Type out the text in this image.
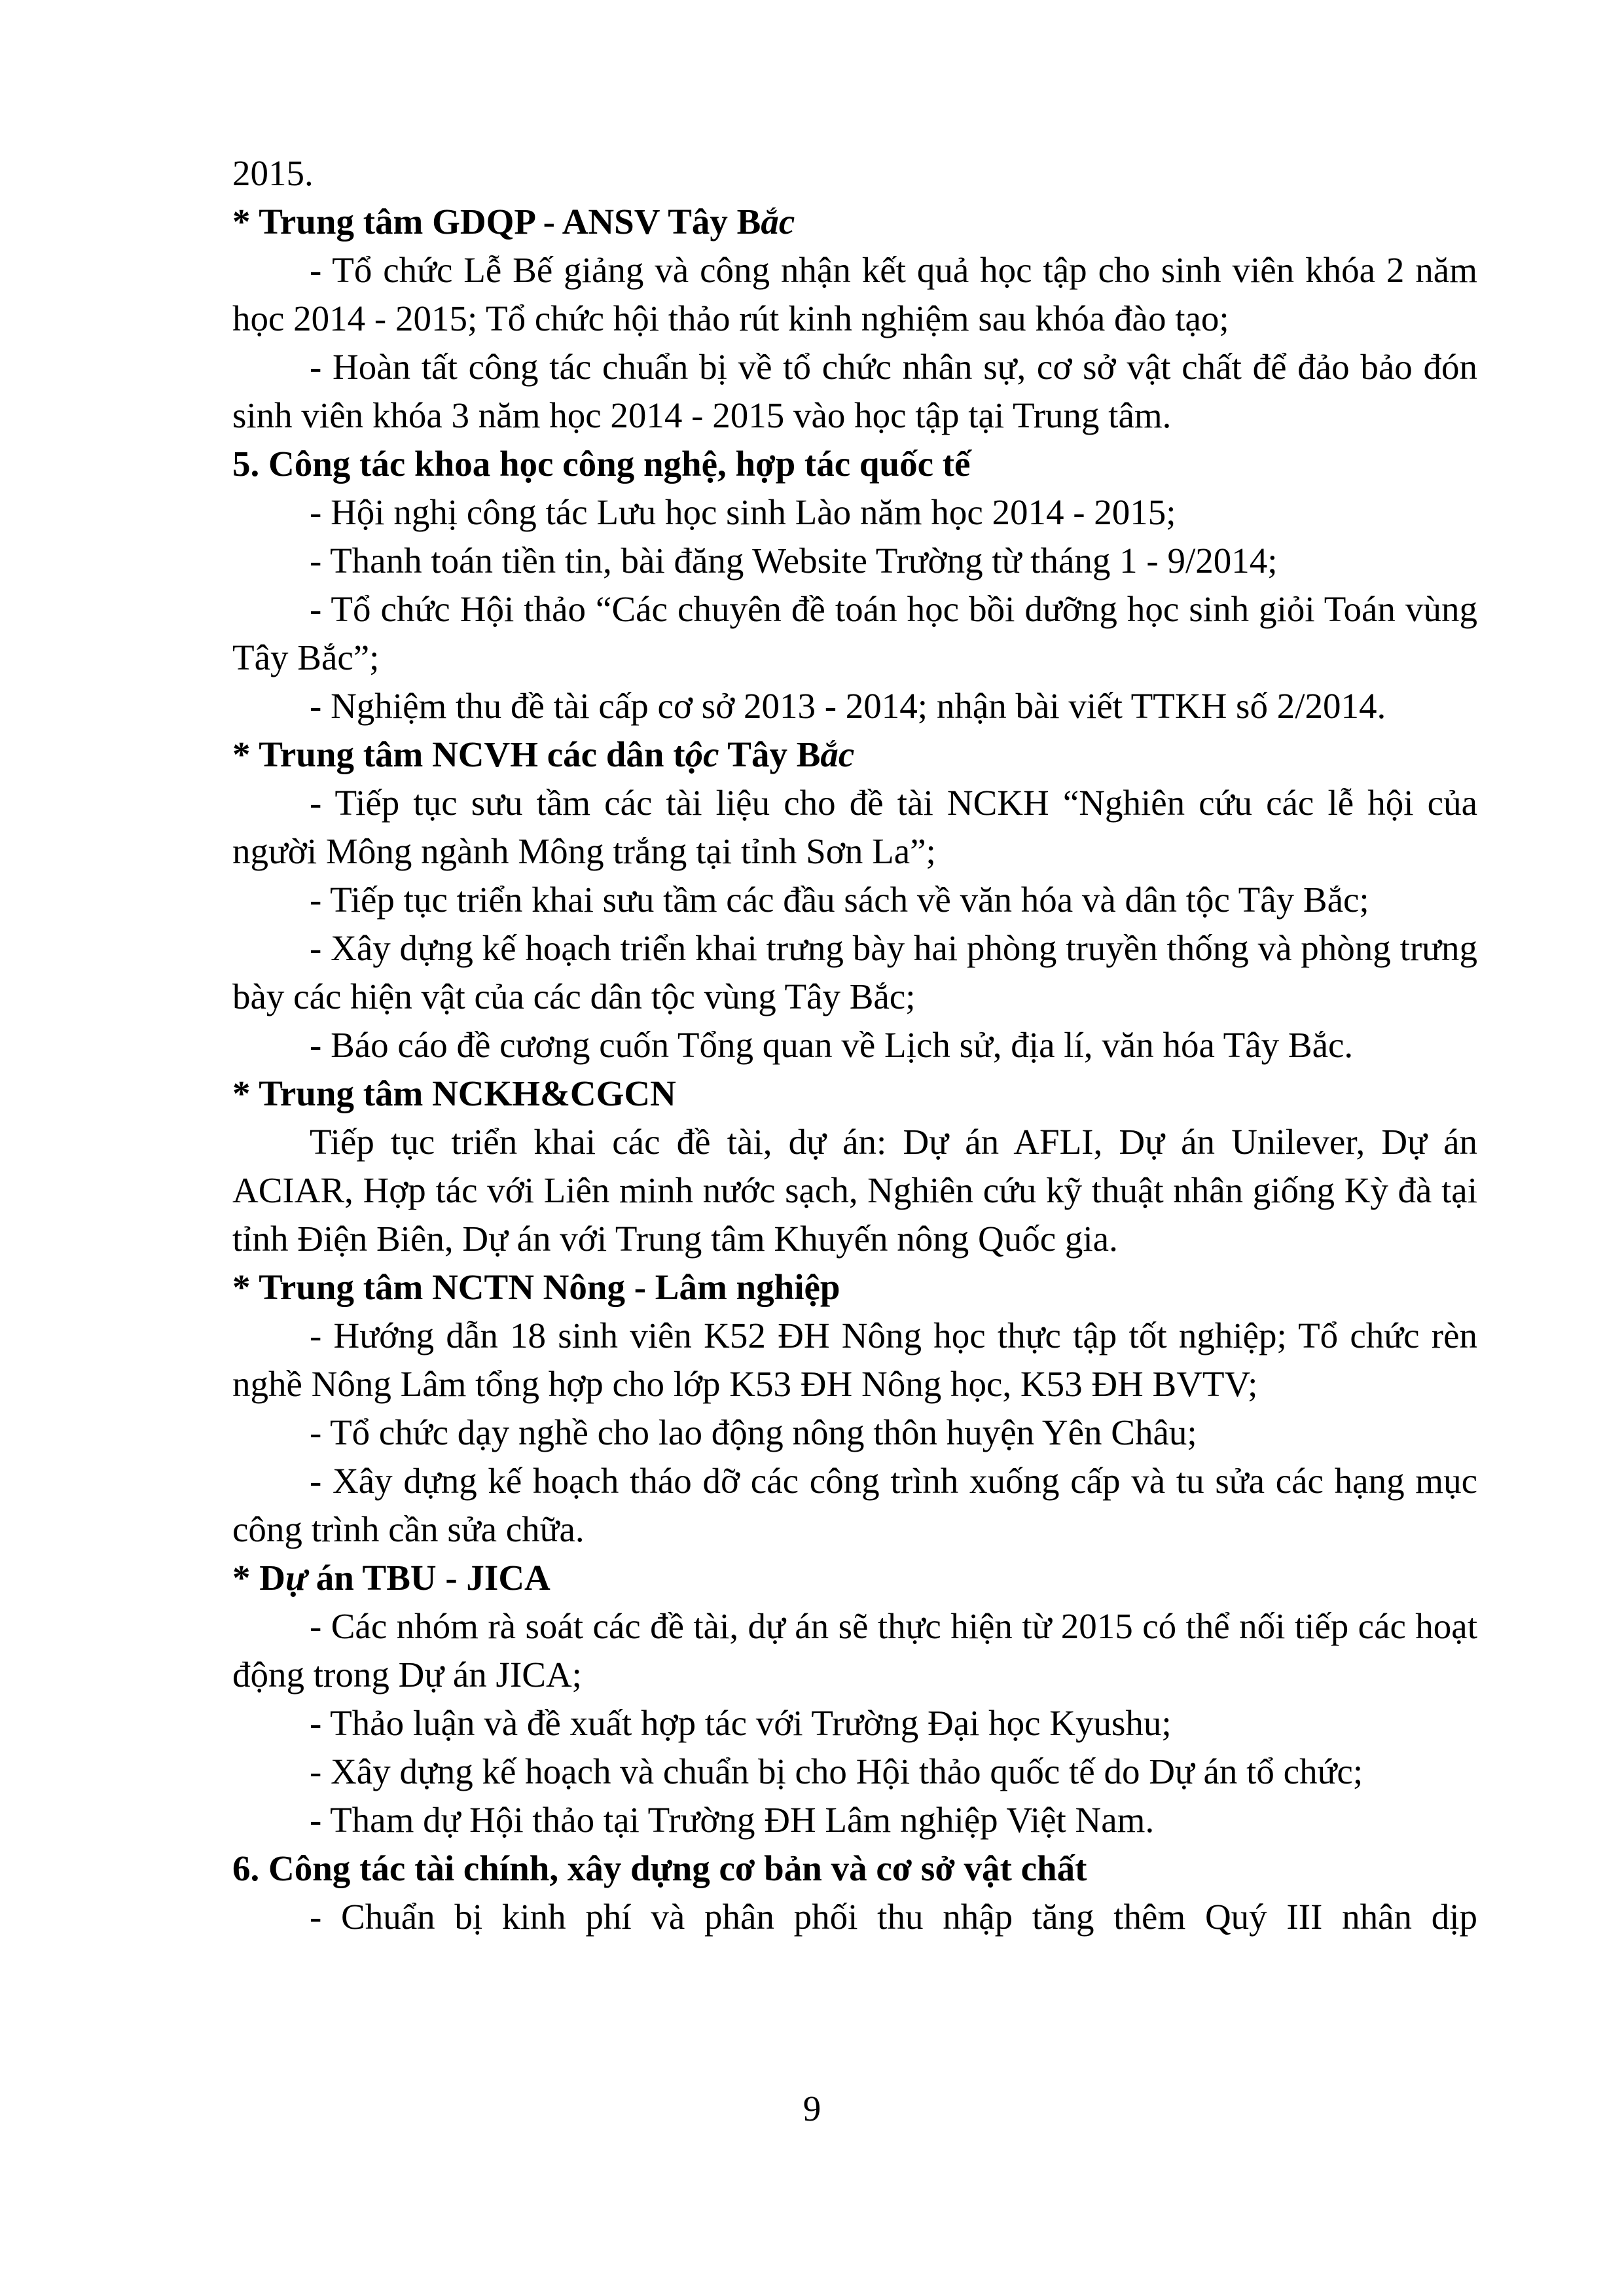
2015.

* Trung tâm GDQP - ANSV Tây Bắc

- Tổ chức Lễ Bế giảng và công nhận kết quả học tập cho sinh viên khóa 2 năm học 2014 - 2015; Tổ chức hội thảo rút kinh nghiệm sau khóa đào tạo;

- Hoàn tất công tác chuẩn bị về tổ chức nhân sự, cơ sở vật chất để đảo bảo đón sinh viên khóa 3 năm học 2014 - 2015 vào học tập tại Trung tâm.

5. Công tác khoa học công nghệ, hợp tác quốc tế

- Hội nghị công tác Lưu học sinh Lào năm học 2014 - 2015;

- Thanh toán tiền tin, bài đăng Website Trường từ tháng 1 - 9/2014;

- Tổ chức Hội thảo “Các chuyên đề toán học bồi dưỡng học sinh giỏi Toán vùng Tây Bắc”;

- Nghiệm thu đề tài cấp cơ sở 2013 - 2014; nhận bài viết TTKH số 2/2014.

* Trung tâm NCVH các dân tộc Tây Bắc

- Tiếp tục sưu tầm các tài liệu cho đề tài NCKH “Nghiên cứu các lễ hội của người Mông ngành Mông trắng tại tỉnh Sơn La”;

- Tiếp tục triển khai sưu tầm các đầu sách về văn hóa và dân tộc Tây Bắc;

- Xây dựng kế hoạch triển khai trưng bày hai phòng truyền thống và phòng trưng bày các hiện vật của các dân tộc vùng Tây Bắc;

- Báo cáo đề cương cuốn Tổng quan về Lịch sử, địa lí, văn hóa Tây Bắc.

* Trung tâm NCKH&CGCN

Tiếp tục triển khai các đề tài, dự án: Dự án AFLI, Dự án Unilever, Dự án ACIAR, Hợp tác với Liên minh nước sạch, Nghiên cứu kỹ thuật nhân giống Kỳ đà tại tỉnh Điện Biên, Dự án với Trung tâm Khuyến nông Quốc gia.

* Trung tâm NCTN Nông - Lâm nghiệp

- Hướng dẫn 18 sinh viên K52 ĐH Nông học thực tập tốt nghiệp; Tổ chức rèn nghề Nông Lâm tổng hợp cho lớp K53 ĐH Nông học, K53 ĐH BVTV;

- Tổ chức dạy nghề cho lao động nông thôn huyện Yên Châu;

- Xây dựng kế hoạch tháo dỡ các công trình xuống cấp và tu sửa các hạng mục công trình cần sửa chữa.

* Dự án TBU - JICA

- Các nhóm rà soát các đề tài, dự án sẽ thực hiện từ 2015 có thể nối tiếp các hoạt động trong Dự án JICA;

- Thảo luận và đề xuất hợp tác với Trường Đại học Kyushu;

- Xây dựng kế hoạch và chuẩn bị cho Hội thảo quốc tế do Dự án tổ chức;

- Tham dự Hội thảo tại Trường ĐH Lâm nghiệp Việt Nam.

6. Công tác tài chính, xây dựng cơ bản và cơ sở vật chất

- Chuẩn bị kinh phí và phân phối thu nhập tăng thêm Quý III nhân dịp

9
